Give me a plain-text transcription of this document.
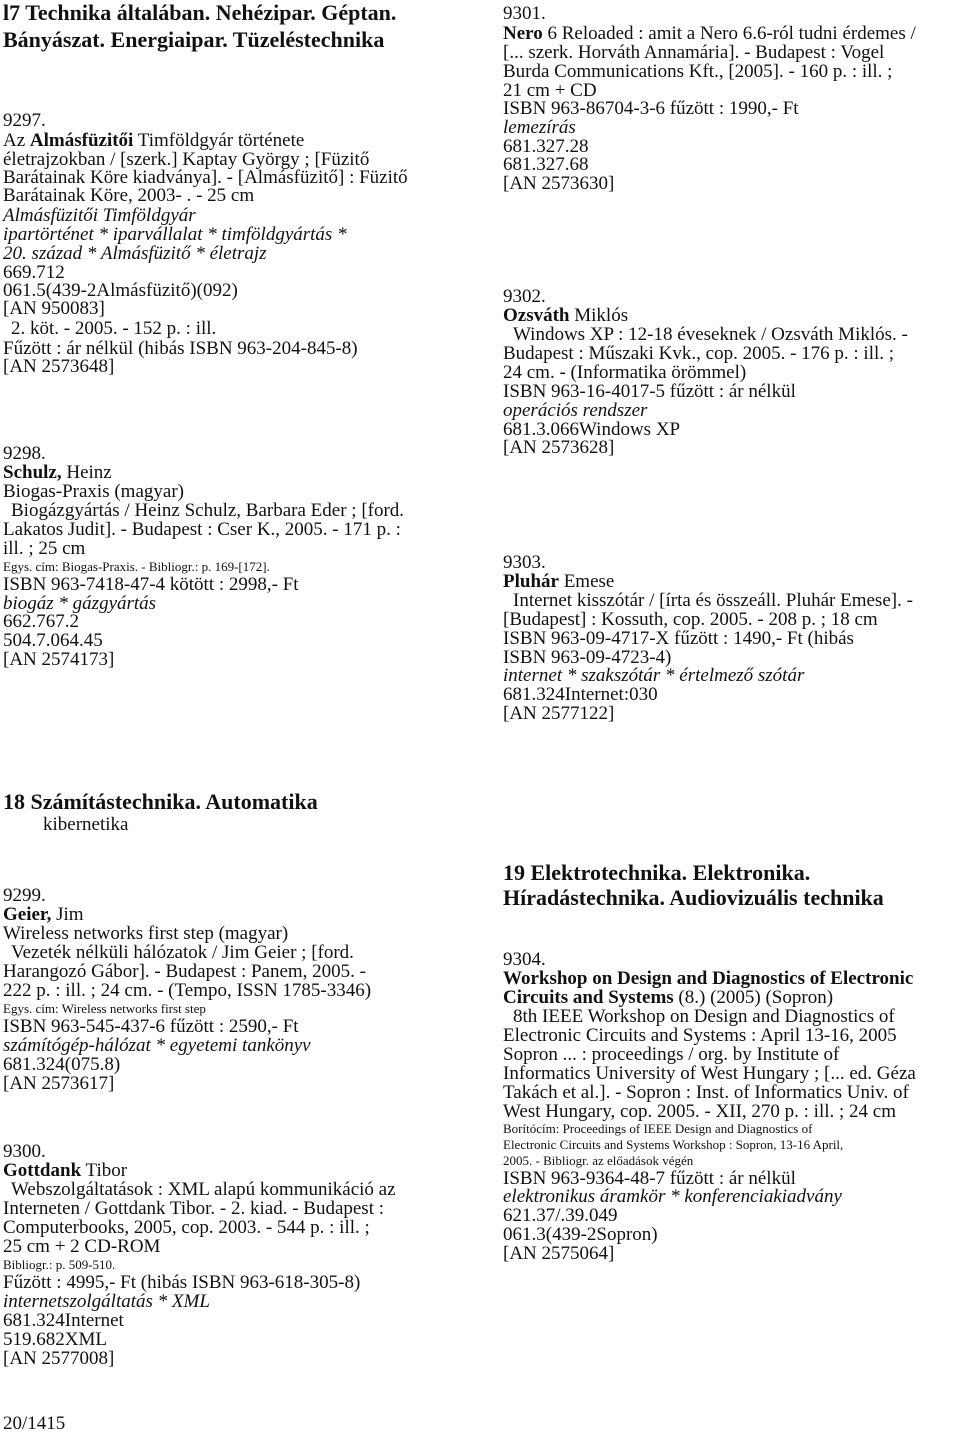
l7 Technika általában. Nehézipar. Géptan.
Bányászat. Energiaipar. Tüzeléstechnika
9297.
Az Almásfüzitői Timföldgyár története
életrajzokban / [szerk.] Kaptay György ; [Füzitő
Barátainak Köre kiadványa]. - [Almásfüzitő] : Füzitő
Barátainak Köre, 2003- . - 25 cm
Almásfüzitői Timföldgyár
ipartörténet * iparvállalat * timföldgyártás *
20. század * Almásfüzitő * életrajz
669.712
061.5(439-2Almásfüzitő)(092)
[AN 950083]
2. köt. - 2005. - 152 p. : ill.
Fűzött : ár nélkül (hibás ISBN 963-204-845-8)
[AN 2573648]
9298.
Schulz, Heinz
Biogas-Praxis (magyar)
Biogázgyártás / Heinz Schulz, Barbara Eder ; [ford.
Lakatos Judit]. - Budapest : Cser K., 2005. - 171 p. :
ill. ; 25 cm
Egys. cím: Biogas-Praxis. - Bibliogr.: p. 169-[172].
ISBN 963-7418-47-4 kötött : 2998,- Ft
biogáz * gázgyártás
662.767.2
504.7.064.45
[AN 2574173]
18 Számítástechnika. Automatika
kibernetika
9299.
Geier, Jim
Wireless networks first step (magyar)
Vezeték nélküli hálózatok / Jim Geier ; [ford.
Harangozó Gábor]. - Budapest : Panem, 2005. -
222 p. : ill. ; 24 cm. - (Tempo, ISSN 1785-3346)
Egys. cím: Wireless networks first step
ISBN 963-545-437-6 fűzött : 2590,- Ft
számítógép-hálózat * egyetemi tankönyv
681.324(075.8)
[AN 2573617]
9300.
Gottdank Tibor
Webszolgáltatások : XML alapú kommunikáció az
Interneten / Gottdank Tibor. - 2. kiad. - Budapest :
Computerbooks, 2005, cop. 2003. - 544 p. : ill. ;
25 cm + 2 CD-ROM
Bibliogr.: p. 509-510.
Fűzött : 4995,- Ft (hibás ISBN 963-618-305-8)
internetszolgáltatás * XML
681.324Internet
519.682XML
[AN 2577008]
20/1415
9301.
Nero 6 Reloaded : amit a Nero 6.6-ról tudni érdemes /
[... szerk. Horváth Annamária]. - Budapest : Vogel
Burda Communications Kft., [2005]. - 160 p. : ill. ;
21 cm + CD
ISBN 963-86704-3-6 fűzött : 1990,- Ft
lemezírás
681.327.28
681.327.68
[AN 2573630]
9302.
Ozsváth Miklós
Windows XP : 12-18 éveseknek / Ozsváth Miklós. -
Budapest : Műszaki Kvk., cop. 2005. - 176 p. : ill. ;
24 cm. - (Informatika örömmel)
ISBN 963-16-4017-5 fűzött : ár nélkül
operációs rendszer
681.3.066Windows XP
[AN 2573628]
9303.
Pluhár Emese
Internet kisszótár / [írta és összeáll. Pluhár Emese]. -
[Budapest] : Kossuth, cop. 2005. - 208 p. ; 18 cm
ISBN 963-09-4717-X fűzött : 1490,- Ft (hibás
ISBN 963-09-4723-4)
internet * szakszótár * értelmező szótár
681.324Internet:030
[AN 2577122]
19 Elektrotechnika. Elektronika.
Híradástechnika. Audiovizuális technika
9304.
Workshop on Design and Diagnostics of Electronic
Circuits and Systems (8.) (2005) (Sopron)
8th IEEE Workshop on Design and Diagnostics of
Electronic Circuits and Systems : April 13-16, 2005
Sopron ... : proceedings / org. by Institute of
Informatics University of West Hungary ; [... ed. Géza
Takách et al.]. - Sopron : Inst. of Informatics Univ. of
West Hungary, cop. 2005. - XII, 270 p. : ill. ; 24 cm
Borítócím: Proceedings of IEEE Design and Diagnostics of
Electronic Circuits and Systems Workshop : Sopron, 13-16 April,
2005. - Bibliogr. az előadások végén
ISBN 963-9364-48-7 fűzött : ár nélkül
elektronikus áramkör * konferenciakiadvány
621.37/.39.049
061.3(439-2Sopron)
[AN 2575064]
